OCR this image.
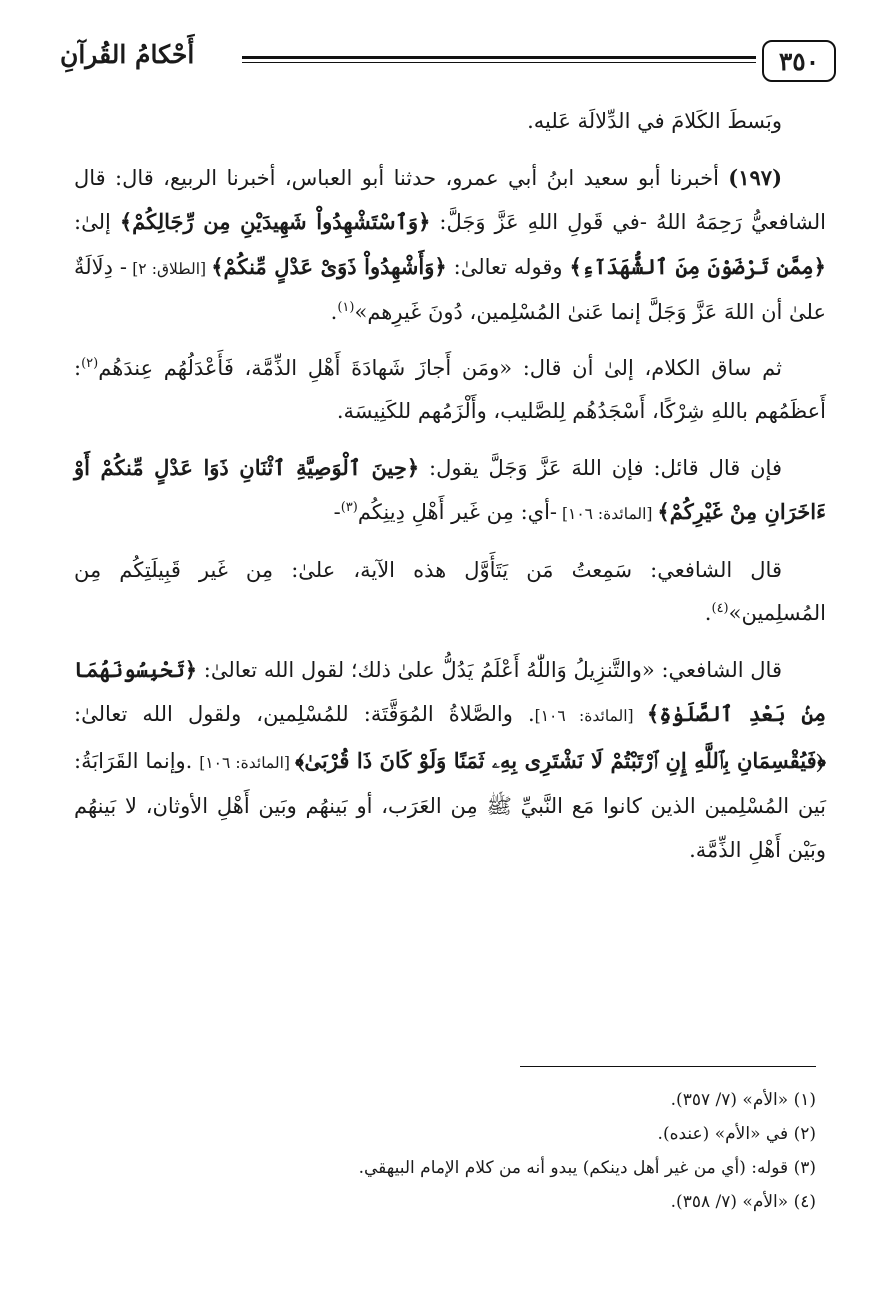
٣٥٠
أَحْكامُ القُرآنِ

وبَسطَ الكَلامَ في الدِّلالَة عَليه.

(١٩٧) أخبرنا أبو سعيد ابنُ أبي عمرو، حدثنا أبو العباس، أخبرنا الربيع، قال: قال الشافعيُّ رَحِمَهُ اللهُ -في قَولِ اللهِ عَزَّ وَجَلَّ: ﴿وَٱسْتَشْهِدُواْ شَهِيدَيْنِ مِن رِّجَالِكُمْ﴾ إلىٰ: ﴿مِمَّن تَرْضَوْنَ مِنَ ٱلشُّهَدَآءِ﴾ وقوله تعالىٰ: ﴿وَأَشْهِدُواْ ذَوَىْ عَدْلٍ مِّنكُمْ﴾ [الطلاق: ٢] - دِلَالَةٌ علىٰ أن اللهَ عَزَّ وَجَلَّ إنما عَنىٰ المُسْلِمين، دُونَ غَيرِهم»$^{(١)}$.

ثم ساق الكلام، إلىٰ أن قال: «ومَن أَجازَ شَهادَةَ أَهْلِ الذِّمَّة، فَأَعْدَلُهُم عِندَهُم$^{(٢)}$: أَعظَمُهم باللهِ شِرْكًا، أَسْجَدُهُم لِلصَّليب، وأَلْزَمُهم للكَنِيسَة.

فإن قال قائل: فإن اللهَ عَزَّ وَجَلَّ يقول: ﴿حِينَ ٱلْوَصِيَّةِ ٱثْنَانِ ذَوَا عَدْلٍ مِّنكُمْ أَوْ ءَاخَرَانِ مِنْ غَيْرِكُمْ﴾ [المائدة: ١٠٦] -أي: مِن غَير أَهْلِ دِينِكُم$^{(٣)}$-

قال الشافعي: سَمِعتُ مَن يَتَأَوَّل هذه الآية، علىٰ: مِن غَير قَبِيلَتِكُم مِن المُسلِمين»$^{(٤)}$.

قال الشافعي: «والتَّنزِيلُ وَاللّٰهُ أَعْلَمُ يَدُلُّ علىٰ ذلك؛ لقول الله تعالىٰ: ﴿تَحْبِسُونَهُمَا مِنۢ بَعْدِ ٱلصَّلَوٰةِ﴾ [المائدة: ١٠٦]. والصَّلاةُ المُوَقَّتَة: للمُسْلِمين، ولقول الله تعالىٰ: ﴿فَيُقْسِمَانِ بِٱللَّهِ إِنِ ٱرْتَبْتُمْ لَا نَشْتَرِى بِهِۦ ثَمَنًا وَلَوْ كَانَ ذَا قُرْبَىٰ﴾ [المائدة: ١٠٦] .وإنما القَرَابَةُ: بَين المُسْلِمين الذين كانوا مَع النَّبيِّ ﷺ مِن العَرَب، أو بَينهُم وبَين أَهْلِ الأوثان، لا بَينهُم وبَيْن أَهْلِ الذِّمَّة.

(١) «الأم» (٧/ ٣٥٧).
(٢) في «الأم» (عنده).
(٣) قوله: (أي من غير أهل دينكم) يبدو أنه من كلام الإمام البيهقي.
(٤) «الأم» (٧/ ٣٥٨).
